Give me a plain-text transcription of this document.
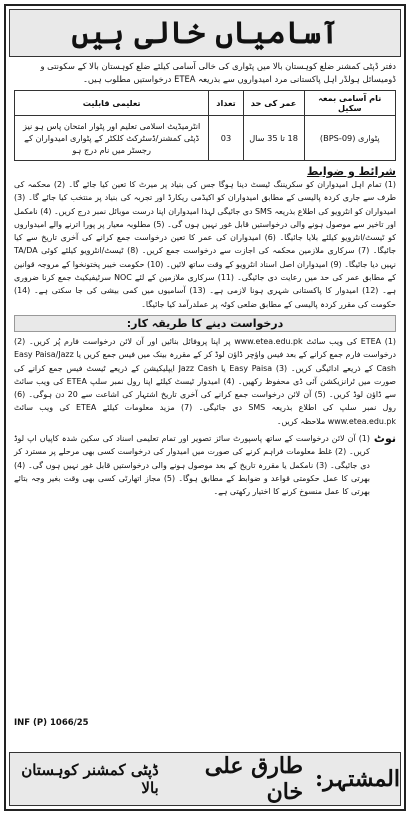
آسامیاں خالی ہیں
دفتر ڈپٹی کمشنر ضلع کوہستان بالا میں پٹواری کی خالی آسامی کیلئے ضلع کوہستان بالا کے سکونتی و ڈومیسائل ہولڈر اہل پاکستانی مرد امیدواروں سے بذریعہ ETEA درخواستیں مطلوب ہیں۔
نام آسامی بمعہ سکیل	عمر کی حد	تعداد	تعلیمی قابلیت
پٹواری (BPS-09)	18 تا 35 سال	03	انٹرمیڈیٹ اسلامی تعلیم اور پٹوار امتحان پاس ہو نیز ڈپٹی کمشنر/ڈسٹرکٹ کلکٹر کے پٹواری امیدواران کے رجسٹر میں نام درج ہو
شرائط و ضوابط
(1) تمام اہل امیدواران کو سکریننگ ٹیسٹ دینا ہوگا جس کی بنیاد پر میرٹ کا تعین کیا جائے گا۔ (2) محکمہ کی طرف سے جاری کردہ پالیسی کے مطابق امیدواران کو اکیڈمی ریکارڈ اور تجربہ کی بنیاد پر منتخب کیا جائے گا۔ (3) امیدواران کو انٹرویو کی اطلاع بذریعہ SMS دی جائیگی لہذا امیدواران اپنا درست موبائل نمبر درج کریں۔ (4) نامکمل اور تاخیر سے موصول ہونے والی درخواستیں قابل غور نہیں ہوں گی۔ (5) مطلوبہ معیار پر پورا اترنے والے امیدواروں کو ٹیسٹ/انٹرویو کیلئے بلایا جائیگا۔ (6) امیدواران کی عمر کا تعین درخواست جمع کرانے کی آخری تاریخ سے کیا جائیگا۔ (7) سرکاری ملازمین محکمہ کی اجازت سے درخواست جمع کریں۔ (8) ٹیسٹ/انٹرویو کیلئے کوئی TA/DA نہیں دیا جائیگا۔ (9) امیدواران اصل اسناد انٹرویو کے وقت ساتھ لائیں۔ (10) حکومت خیبر پختونخوا کے مروجہ قوانین کے مطابق عمر کی حد میں رعایت دی جائیگی۔ (11) سرکاری ملازمین کے لئے NOC سرٹیفیکیٹ جمع کرنا ضروری ہے۔ (12) امیدوار کا پاکستانی شہری ہونا لازمی ہے۔ (13) آسامیوں میں کمی بیشی کی جا سکتی ہے۔ (14) حکومت کی مقرر کردہ پالیسی کے مطابق ضلعی کوٹہ پر عملدرآمد کیا جائیگا۔
درخواست دینے کا طریقہ کار:
(1) ETEA کی ویب سائٹ www.etea.edu.pk پر اپنا پروفائل بنائیں اور آن لائن درخواست فارم پُر کریں۔ (2) درخواست فارم جمع کرانے کے بعد فیس واؤچر ڈاؤن لوڈ کر کے مقررہ بینک میں فیس جمع کریں یا Easy Paisa/Jazz Cash کے ذریعے ادائیگی کریں۔ (3) Easy Paisa یا Jazz Cash ایپلیکیشن کے ذریعے ٹیسٹ فیس جمع کرانے کی صورت میں ٹرانزیکشن آئی ڈی محفوظ رکھیں۔ (4) امیدوار ٹیسٹ کیلئے اپنا رول نمبر سلپ ETEA کی ویب سائٹ سے ڈاؤن لوڈ کریں۔ (5) آن لائن درخواست جمع کرانے کی آخری تاریخ اشتہار کی اشاعت سے 20 دن ہوگی۔ (6) رول نمبر سلپ کی اطلاع بذریعہ SMS دی جائیگی۔ (7) مزید معلومات کیلئے ETEA کی ویب سائٹ www.etea.edu.pk ملاحظہ کریں۔
نوٹ
(1) آن لائن درخواست کے ساتھ پاسپورٹ سائز تصویر اور تمام تعلیمی اسناد کی سکین شدہ کاپیاں اپ لوڈ کریں۔ (2) غلط معلومات فراہم کرنے کی صورت میں امیدوار کی درخواست کسی بھی مرحلے پر مسترد کر دی جائیگی۔ (3) نامکمل یا مقررہ تاریخ کے بعد موصول ہونے والی درخواستیں قابل غور نہیں ہوں گی۔ (4) بھرتی کا عمل حکومتی قواعد و ضوابط کے مطابق ہوگا۔ (5) مجاز اتھارٹی کسی بھی وقت بغیر وجہ بتائے بھرتی کا عمل منسوخ کرنے کا اختیار رکھتی ہے۔
INF (P) 1066/25
المشتہر:
طارق علی خان
ڈپٹی کمشنر کوہستان بالا
